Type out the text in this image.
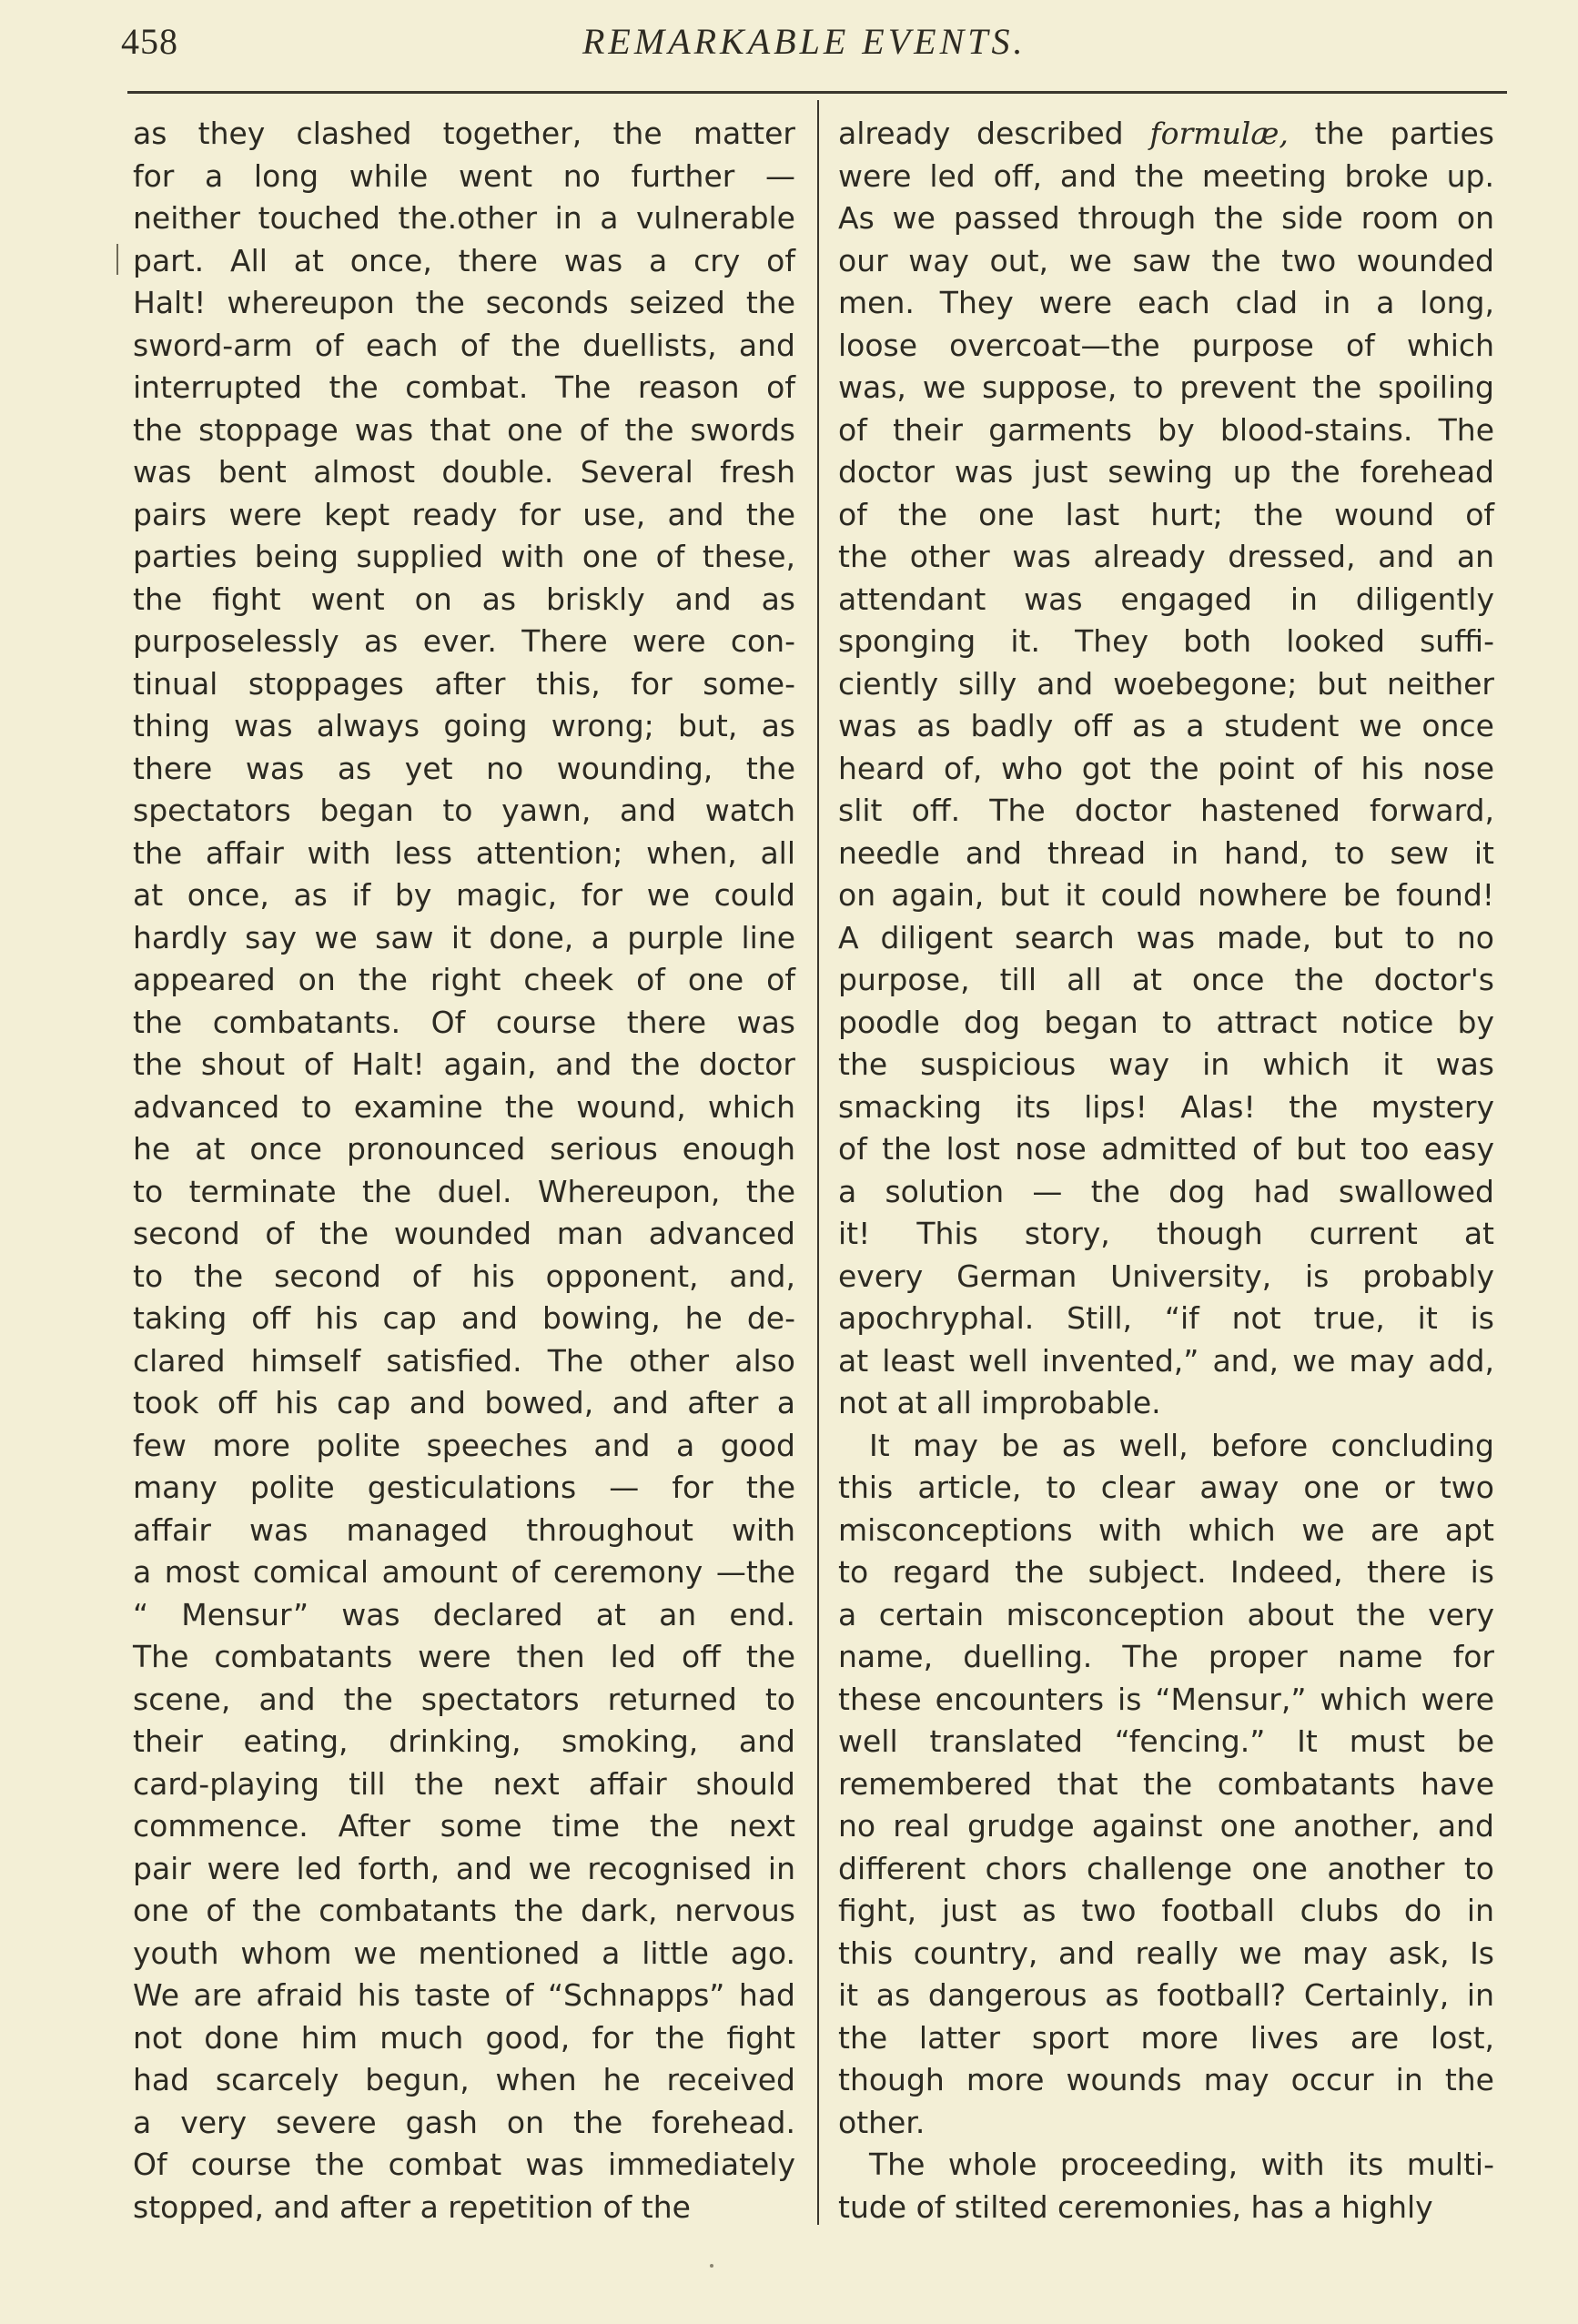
458	REMARKABLE EVENTS.
as they clashed together, the matter
for a long while went no further —
neither touched the.other in a vulnerable
part. All at once, there was a cry of
Halt! whereupon the seconds seized the
sword-arm of each of the duellists, and
interrupted the combat. The reason of
the stoppage was that one of the swords
was bent almost double. Several fresh
pairs were kept ready for use, and the
parties being supplied with one of these,
the fight went on as briskly and as
purposelessly as ever. There were con-
tinual stoppages after this, for some-
thing was always going wrong; but, as
there was as yet no wounding, the
spectators began to yawn, and watch
the affair with less attention; when, all
at once, as if by magic, for we could
hardly say we saw it done, a purple line
appeared on the right cheek of one of
the combatants. Of course there was
the shout of Halt! again, and the doctor
advanced to examine the wound, which
he at once pronounced serious enough
to terminate the duel. Whereupon, the
second of the wounded man advanced
to the second of his opponent, and,
taking off his cap and bowing, he de-
clared himself satisfied. The other also
took off his cap and bowed, and after a
few more polite speeches and a good
many polite gesticulations — for the
affair was managed throughout with
a most comical amount of ceremony —the
“ Mensur” was declared at an end.
The combatants were then led off the
scene, and the spectators returned to
their eating, drinking, smoking, and
card-playing till the next affair should
commence. After some time the next
pair were led forth, and we recognised in
one of the combatants the dark, nervous
youth whom we mentioned a little ago.
We are afraid his taste of “Schnapps” had
not done him much good, for the fight
had scarcely begun, when he received
a very severe gash on the forehead.
Of course the combat was immediately
stopped, and after a repetition of the
already described formulæ, the parties
were led off, and the meeting broke up.
As we passed through the side room on
our way out, we saw the two wounded
men. They were each clad in a long,
loose overcoat—the purpose of which
was, we suppose, to prevent the spoiling
of their garments by blood-stains. The
doctor was just sewing up the forehead
of the one last hurt; the wound of
the other was already dressed, and an
attendant was engaged in diligently
sponging it. They both looked suffi-
ciently silly and woebegone; but neither
was as badly off as a student we once
heard of, who got the point of his nose
slit off. The doctor hastened forward,
needle and thread in hand, to sew it
on again, but it could nowhere be found!
A diligent search was made, but to no
purpose, till all at once the doctor's
poodle dog began to attract notice by
the suspicious way in which it was
smacking its lips! Alas! the mystery
of the lost nose admitted of but too easy
a solution — the dog had swallowed
it! This story, though current at
every German University, is probably
apochryphal. Still, “if not true, it is
at least well invented,” and, we may add,
not at all improbable.
It may be as well, before concluding
this article, to clear away one or two
misconceptions with which we are apt
to regard the subject. Indeed, there is
a certain misconception about the very
name, duelling. The proper name for
these encounters is “Mensur,” which were
well translated “fencing.” It must be
remembered that the combatants have
no real grudge against one another, and
different chors challenge one another to
fight, just as two football clubs do in
this country, and really we may ask, Is
it as dangerous as football? Certainly, in
the latter sport more lives are lost,
though more wounds may occur in the
other.
The whole proceeding, with its multi-
tude of stilted ceremonies, has a highly
